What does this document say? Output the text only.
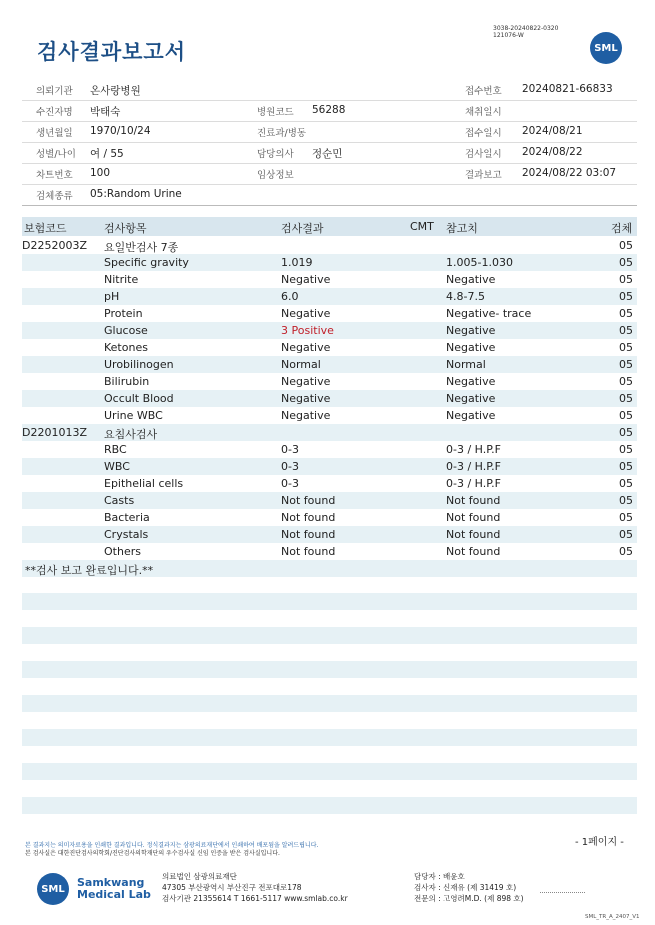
검사결과보고서
3038-20240822-0320
121076-W
SML
의뢰기관 온사랑병원	접수번호 20240821-66833
수진자명 박태숙	병원코드 56288	채취일시
생년월일 1970/10/24	진료과/병동	접수일시 2024/08/21
성별/나이 여 / 55	담당의사 정순민	검사일시 2024/08/22
차트번호 100	임상정보	결과보고 2024/08/22 03:07
검체종류 05:Random Urine
보험코드	검사항목	검사결과	CMT 참고치	검체
D2252003Z 요일반검사 7종	05
Specific gravity	1.019	1.005-1.030	05
Nitrite	Negative	Negative	05
pH	6.0	4.8-7.5	05
Protein	Negative	Negative- trace	05
Glucose	3 Positive	Negative	05
Ketones	Negative	Negative	05
Urobilinogen	Normal	Normal	05
Bilirubin	Negative	Negative	05
Occult Blood	Negative	Negative	05
Urine WBC	Negative	Negative	05
D2201013Z 요침사검사	05
RBC	0-3	0-3 / H.P.F	05
WBC	0-3	0-3 / H.P.F	05
Epithelial cells	0-3	0-3 / H.P.F	05
Casts	Not found	Not found	05
Bacteria	Not found	Not found	05
Crystals	Not found	Not found	05
Others	Not found	Not found	05
**검사 보고 완료입니다.**
- 1페이지 -
본 결과지는 의미자료용을 인쇄한 결과입니다. 정식결과지는 삼광의료재단에서 인쇄하여 배포됨을 알려드립니다.
본 검사실은 대한진단검사의학회/진단검사의학재단의 우수검사실 신임 인증을 받은 검사실입니다.
SML	Samkwang
Medical Lab
의료법인 삼광의료재단
47305 부산광역시 부산진구 전포대로178
검사기관 21355614 T 1661-5117 www.smlab.co.kr
담당자 : 배윤호
검사자 : 신재유 (제 31419 호)
전문의 : 고영려M.D. (제 898 호)
SML_TR_A_2407_V1
